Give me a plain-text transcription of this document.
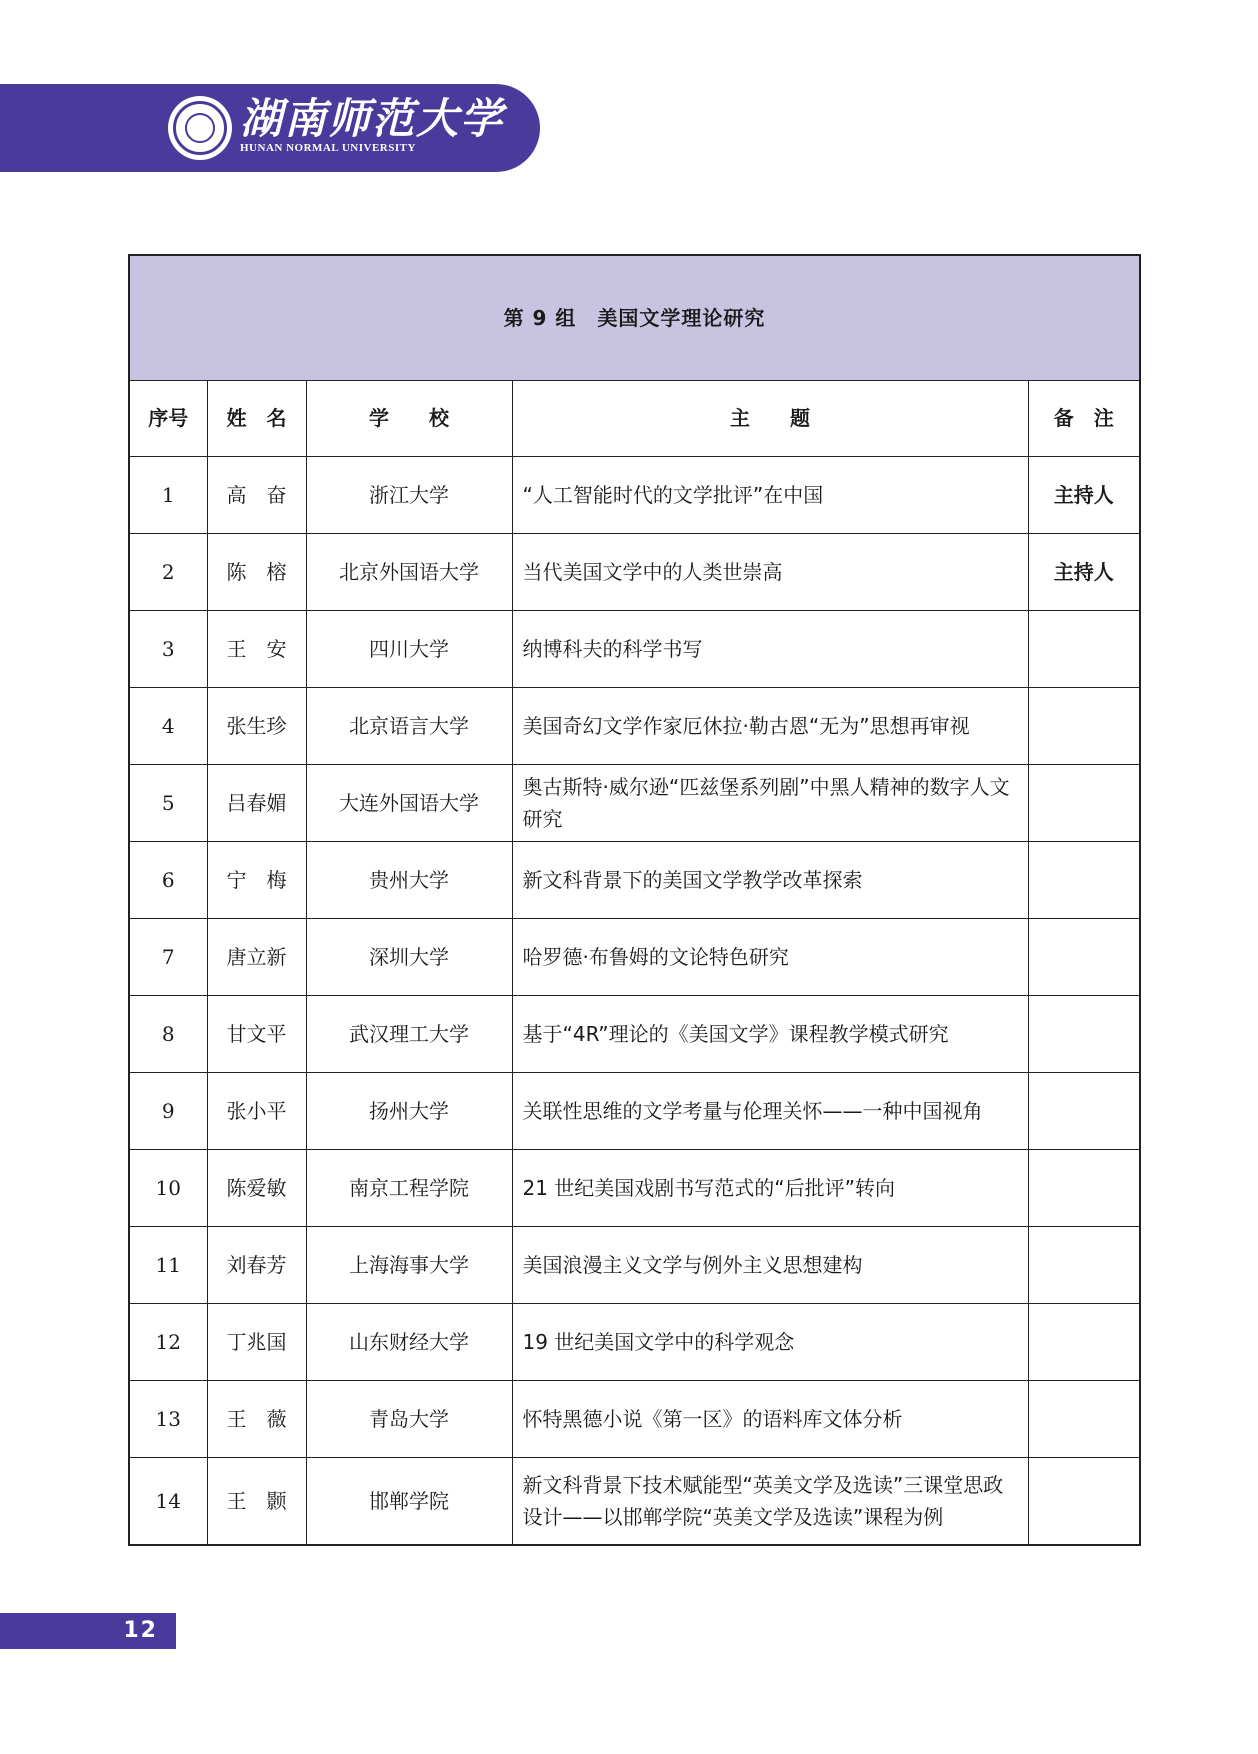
湖南师范大学
HUNAN NORMAL UNIVERSITY
第 9 组　美国文学理论研究				
序号	姓　名	学　　校	主　　题	备　注
1	高　奋	浙江大学	“人工智能时代的文学批评”在中国	主持人
2	陈　榕	北京外国语大学	当代美国文学中的人类世崇高	主持人
3	王　安	四川大学	纳博科夫的科学书写	
4	张生珍	北京语言大学	美国奇幻文学作家厄休拉·勒古恩“无为”思想再审视	
5	吕春媚	大连外国语大学	奥古斯特·威尔逊“匹兹堡系列剧”中黑人精神的数字人文研究	
6	宁　梅	贵州大学	新文科背景下的美国文学教学改革探索	
7	唐立新	深圳大学	哈罗德·布鲁姆的文论特色研究	
8	甘文平	武汉理工大学	基于“4R”理论的《美国文学》课程教学模式研究	
9	张小平	扬州大学	关联性思维的文学考量与伦理关怀——一种中国视角	
10	陈爱敏	南京工程学院	21 世纪美国戏剧书写范式的“后批评”转向	
11	刘春芳	上海海事大学	美国浪漫主义文学与例外主义思想建构	
12	丁兆国	山东财经大学	19 世纪美国文学中的科学观念	
13	王　薇	青岛大学	怀特黑德小说《第一区》的语料库文体分析	
14	王　颢	邯郸学院	新文科背景下技术赋能型“英美文学及选读”三课堂思政设计——以邯郸学院“英美文学及选读”课程为例	
12
